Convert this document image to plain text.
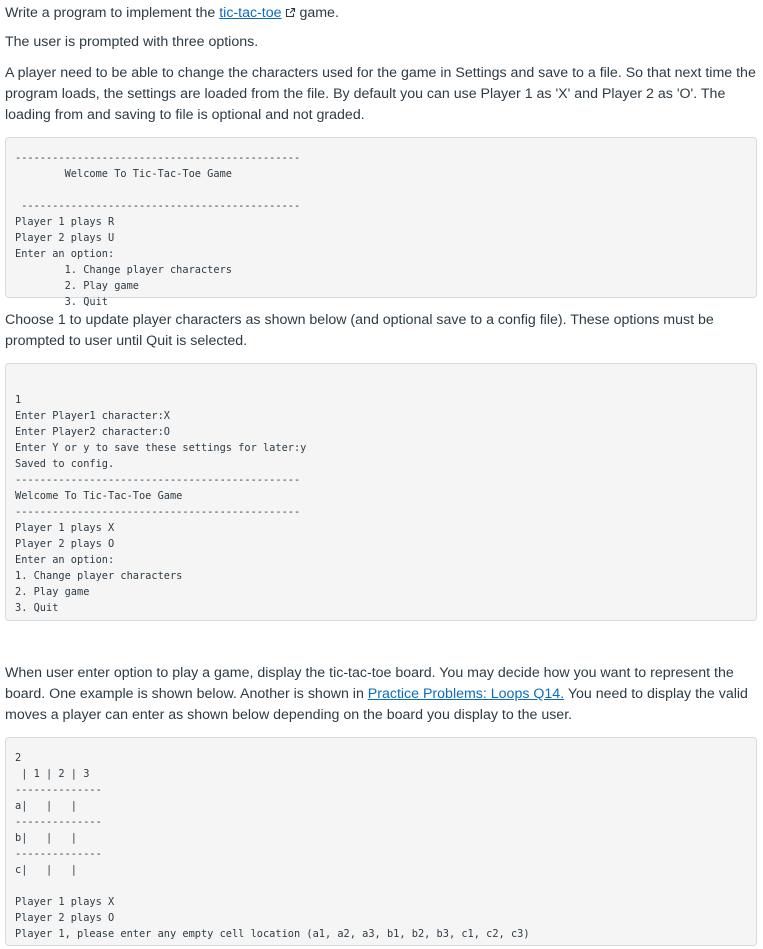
Write a program to implement the tic-tac-toe game.

The user is prompted with three options.

A player need to be able to change the characters used for the game in Settings and save to a file. So that next time the program loads, the settings are loaded from the file. By default you can use Player 1 as 'X' and Player 2 as 'O'. The loading from and saving to file is optional and not graded.

----------------------------------------------
Welcome To Tic-Tac-Toe Game

---------------------------------------------
Player 1 plays R
Player 2 plays U
Enter an option:
1. Change player characters
2. Play game
3. Quit

Choose 1 to update player characters as shown below (and optional save to a config file). These options must be prompted to user until Quit is selected.

1
Enter Player1 character:X
Enter Player2 character:O
Enter Y or y to save these settings for later:y
Saved to config.
----------------------------------------------
Welcome To Tic-Tac-Toe Game
----------------------------------------------
Player 1 plays X
Player 2 plays O
Enter an option:
1. Change player characters
2. Play game
3. Quit

When user enter option to play a game, display the tic-tac-toe board. You may decide how you want to represent the board. One example is shown below. Another is shown in Practice Problems: Loops Q14. You need to display the valid moves a player can enter as shown below depending on the board you display to the user.

2
| 1 | 2 | 3
--------------
a|   |   |
--------------
b|   |   |
--------------
c|   |   |

Player 1 plays X
Player 2 plays O
Player 1, please enter any empty cell location (a1, a2, a3, b1, b2, b3, c1, c2, c3)
